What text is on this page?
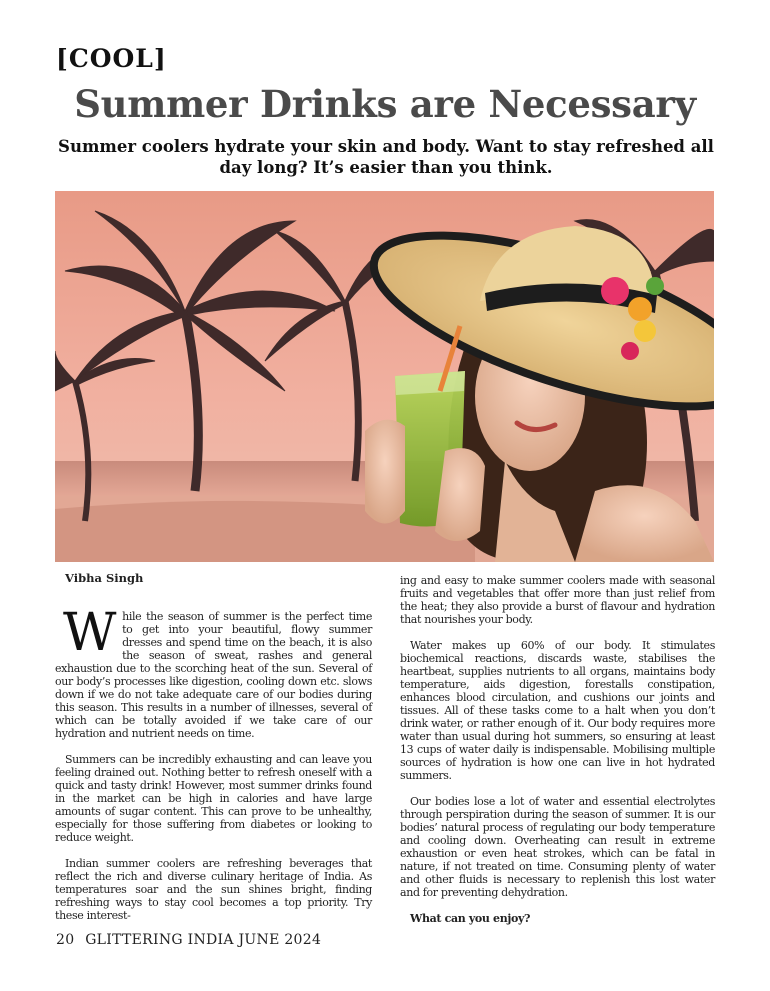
[COOL]
Summer Drinks are Necessary
Summer coolers hydrate your skin and body. Want to stay refreshed all day long? It’s easier than you think.
Vibha Singh

While the season of summer is the perfect time to get into your beautiful, flowy summer dresses and spend time on the beach, it is also the season of sweat, rashes and general exhaustion due to the scorching heat of the sun. Several of our body’s processes like digestion, cooling down etc. slows down if we do not take adequate care of our bodies during this season. This results in a number of illnesses, several of which can be totally avoided if we take care of our hydration and nutrient needs on time.

Summers can be incredibly exhausting and can leave you feeling drained out. Nothing better to refresh oneself with a quick and tasty drink! However, most summer drinks found in the market can be high in calories and have large amounts of sugar content. This can prove to be unhealthy, especially for those suffering from diabetes or looking to reduce weight.

Indian summer coolers are refreshing beverages that reflect the rich and diverse culinary heritage of India. As temperatures soar and the sun shines bright, finding refreshing ways to stay cool becomes a top priority. Try these interest-

ing and easy to make summer coolers made with seasonal fruits and vegetables that offer more than just relief from the heat; they also provide a burst of flavour and hydration that nourishes your body.

Water makes up 60% of our body. It stimulates biochemical reactions, discards waste, stabilises the heartbeat, supplies nutrients to all organs, maintains body temperature, aids digestion, forestalls constipation, enhances blood circulation, and cushions our joints and tissues. All of these tasks come to a halt when you don’t drink water, or rather enough of it. Our body requires more water than usual during hot summers, so ensuring at least 13 cups of water daily is indispensable. Mobilising multiple sources of hydration is how one can live in hot hydrated summers.

Our bodies lose a lot of water and essential electrolytes through perspiration during the season of summer. It is our bodies’ natural process of regulating our body temperature and cooling down. Overheating can result in extreme exhaustion or even heat strokes, which can be fatal in nature, if not treated on time. Consuming plenty of water and other fluids is necessary to replenish this lost water and for preventing dehydration.

What can you enjoy?

20 GLITTERING INDIA JUNE 2024
